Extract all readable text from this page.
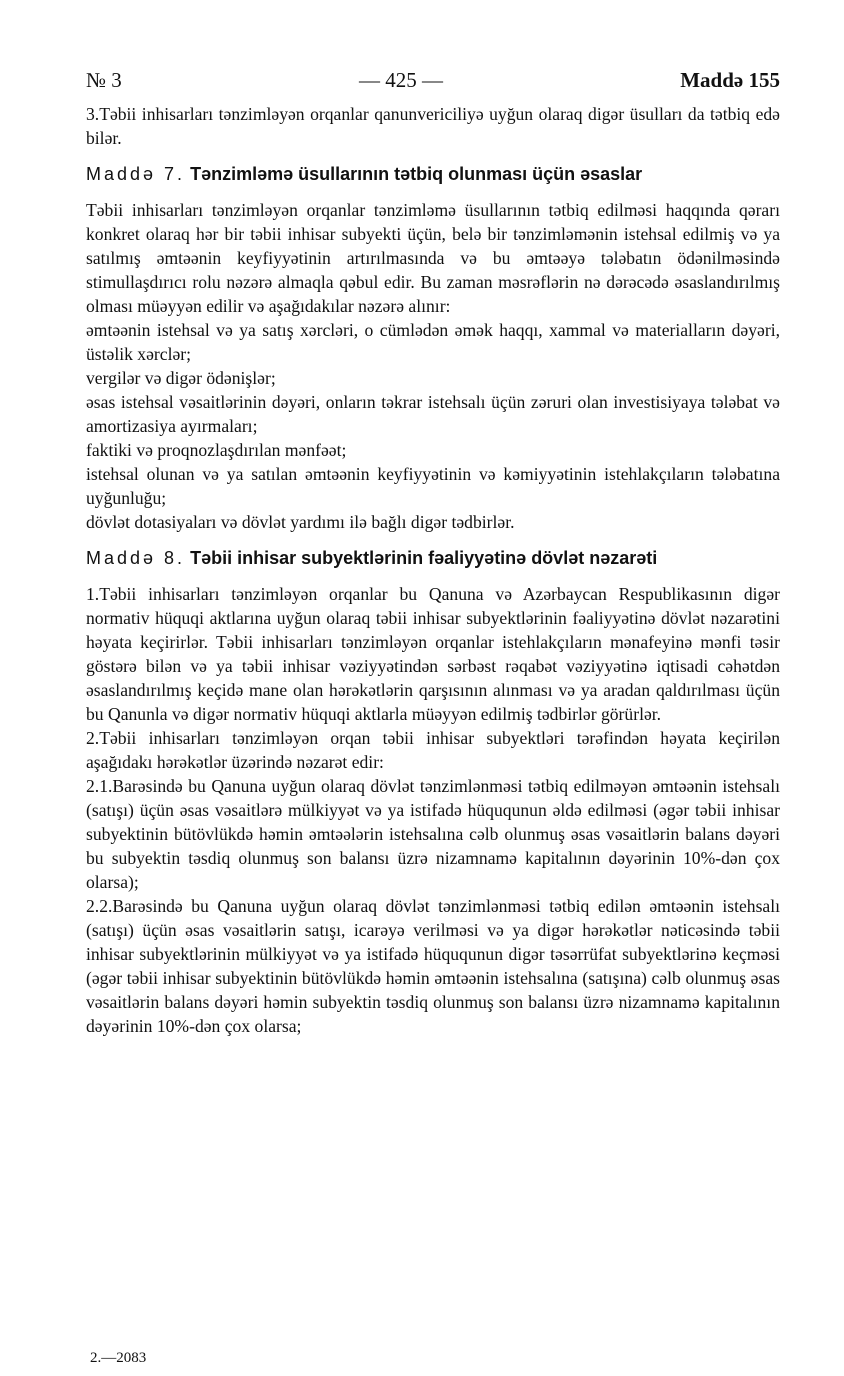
№ 3	— 425 —	Maddə 155

3.Təbii inhisarları tənzimləyən orqanlar qanunvericiliyə uyğun olaraq digər üsulları da tətbiq edə bilər.

Maddə 7. Tənzimləmə üsullarının tətbiq olunması üçün əsaslar

Təbii inhisarları tənzimləyən orqanlar tənzimləmə üsullarının tətbiq edilməsi haqqında qərarı konkret olaraq hər bir təbii inhisar subyekti üçün, belə bir tənzimləmənin istehsal edilmiş və ya satılmış əmtəənin keyfiyyətinin artırılmasında və bu əmtəəyə tələbatın ödənilməsində stimullaşdırıcı rolu nəzərə almaqla qəbul edir. Bu zaman məsrəflərin nə dərəcədə əsaslandırılmış olması müəyyən edilir və aşağıdakılar nəzərə alınır:

əmtəənin istehsal və ya satış xərcləri, o cümlədən əmək haqqı, xammal və materialların dəyəri, üstəlik xərclər;

vergilər və digər ödənişlər;

əsas istehsal vəsaitlərinin dəyəri, onların təkrar istehsalı üçün zəruri olan investisiyaya tələbat və amortizasiya ayırmaları;

faktiki və proqnozlaşdırılan mənfəət;

istehsal olunan və ya satılan əmtəənin keyfiyyətinin və kəmiyyətinin istehlakçıların tələbatına uyğunluğu;

dövlət dotasiyaları və dövlət yardımı ilə bağlı digər tədbirlər.

Maddə 8. Təbii inhisar subyektlərinin fəaliyyətinə dövlət nəzarəti

1.Təbii inhisarları tənzimləyən orqanlar bu Qanuna və Azərbaycan Respublikasının digər normativ hüquqi aktlarına uyğun olaraq təbii inhisar subyektlərinin fəaliyyətinə dövlət nəzarətini həyata keçirirlər. Təbii inhisarları tənzimləyən orqanlar istehlakçıların mənafeyinə mənfi təsir göstərə bilən və ya təbii inhisar vəziyyətindən sərbəst rəqabət vəziyyətinə iqtisadi cəhətdən əsaslandırılmış keçidə mane olan hərəkətlərin qarşısının alınması və ya aradan qaldırılması üçün bu Qanunla və digər normativ hüquqi aktlarla müəyyən edilmiş tədbirlər görürlər.

2.Təbii inhisarları tənzimləyən orqan təbii inhisar subyektləri tərəfindən həyata keçirilən aşağıdakı hərəkətlər üzərində nəzarət edir:

2.1.Barəsində bu Qanuna uyğun olaraq dövlət tənzimlənməsi tətbiq edilməyən əmtəənin istehsalı (satışı) üçün əsas vəsaitlərə mülkiyyət və ya istifadə hüququnun əldə edilməsi (əgər təbii inhisar subyektinin bütövlükdə həmin əmtəələrin istehsalına cəlb olunmuş əsas vəsaitlərin balans dəyəri bu subyektin təsdiq olunmuş son balansı üzrə nizamnamə kapitalının dəyərinin 10%-dən çox olarsa);

2.2.Barəsində bu Qanuna uyğun olaraq dövlət tənzimlənməsi tətbiq edilən əmtəənin istehsalı (satışı) üçün əsas vəsaitlərin satışı, icarəyə verilməsi və ya digər hərəkətlər nəticəsində təbii inhisar subyektlərinin mülkiyyət və ya istifadə hüququnun digər təsərrüfat subyektlərinə keçməsi (əgər təbii inhisar subyektinin bütövlükdə həmin əmtəənin istehsalına (satışına) cəlb olunmuş əsas vəsaitlərin balans dəyəri həmin subyektin təsdiq olunmuş son balansı üzrə nizamnamə kapitalının dəyərinin 10%-dən çox olarsa;

2.—2083
